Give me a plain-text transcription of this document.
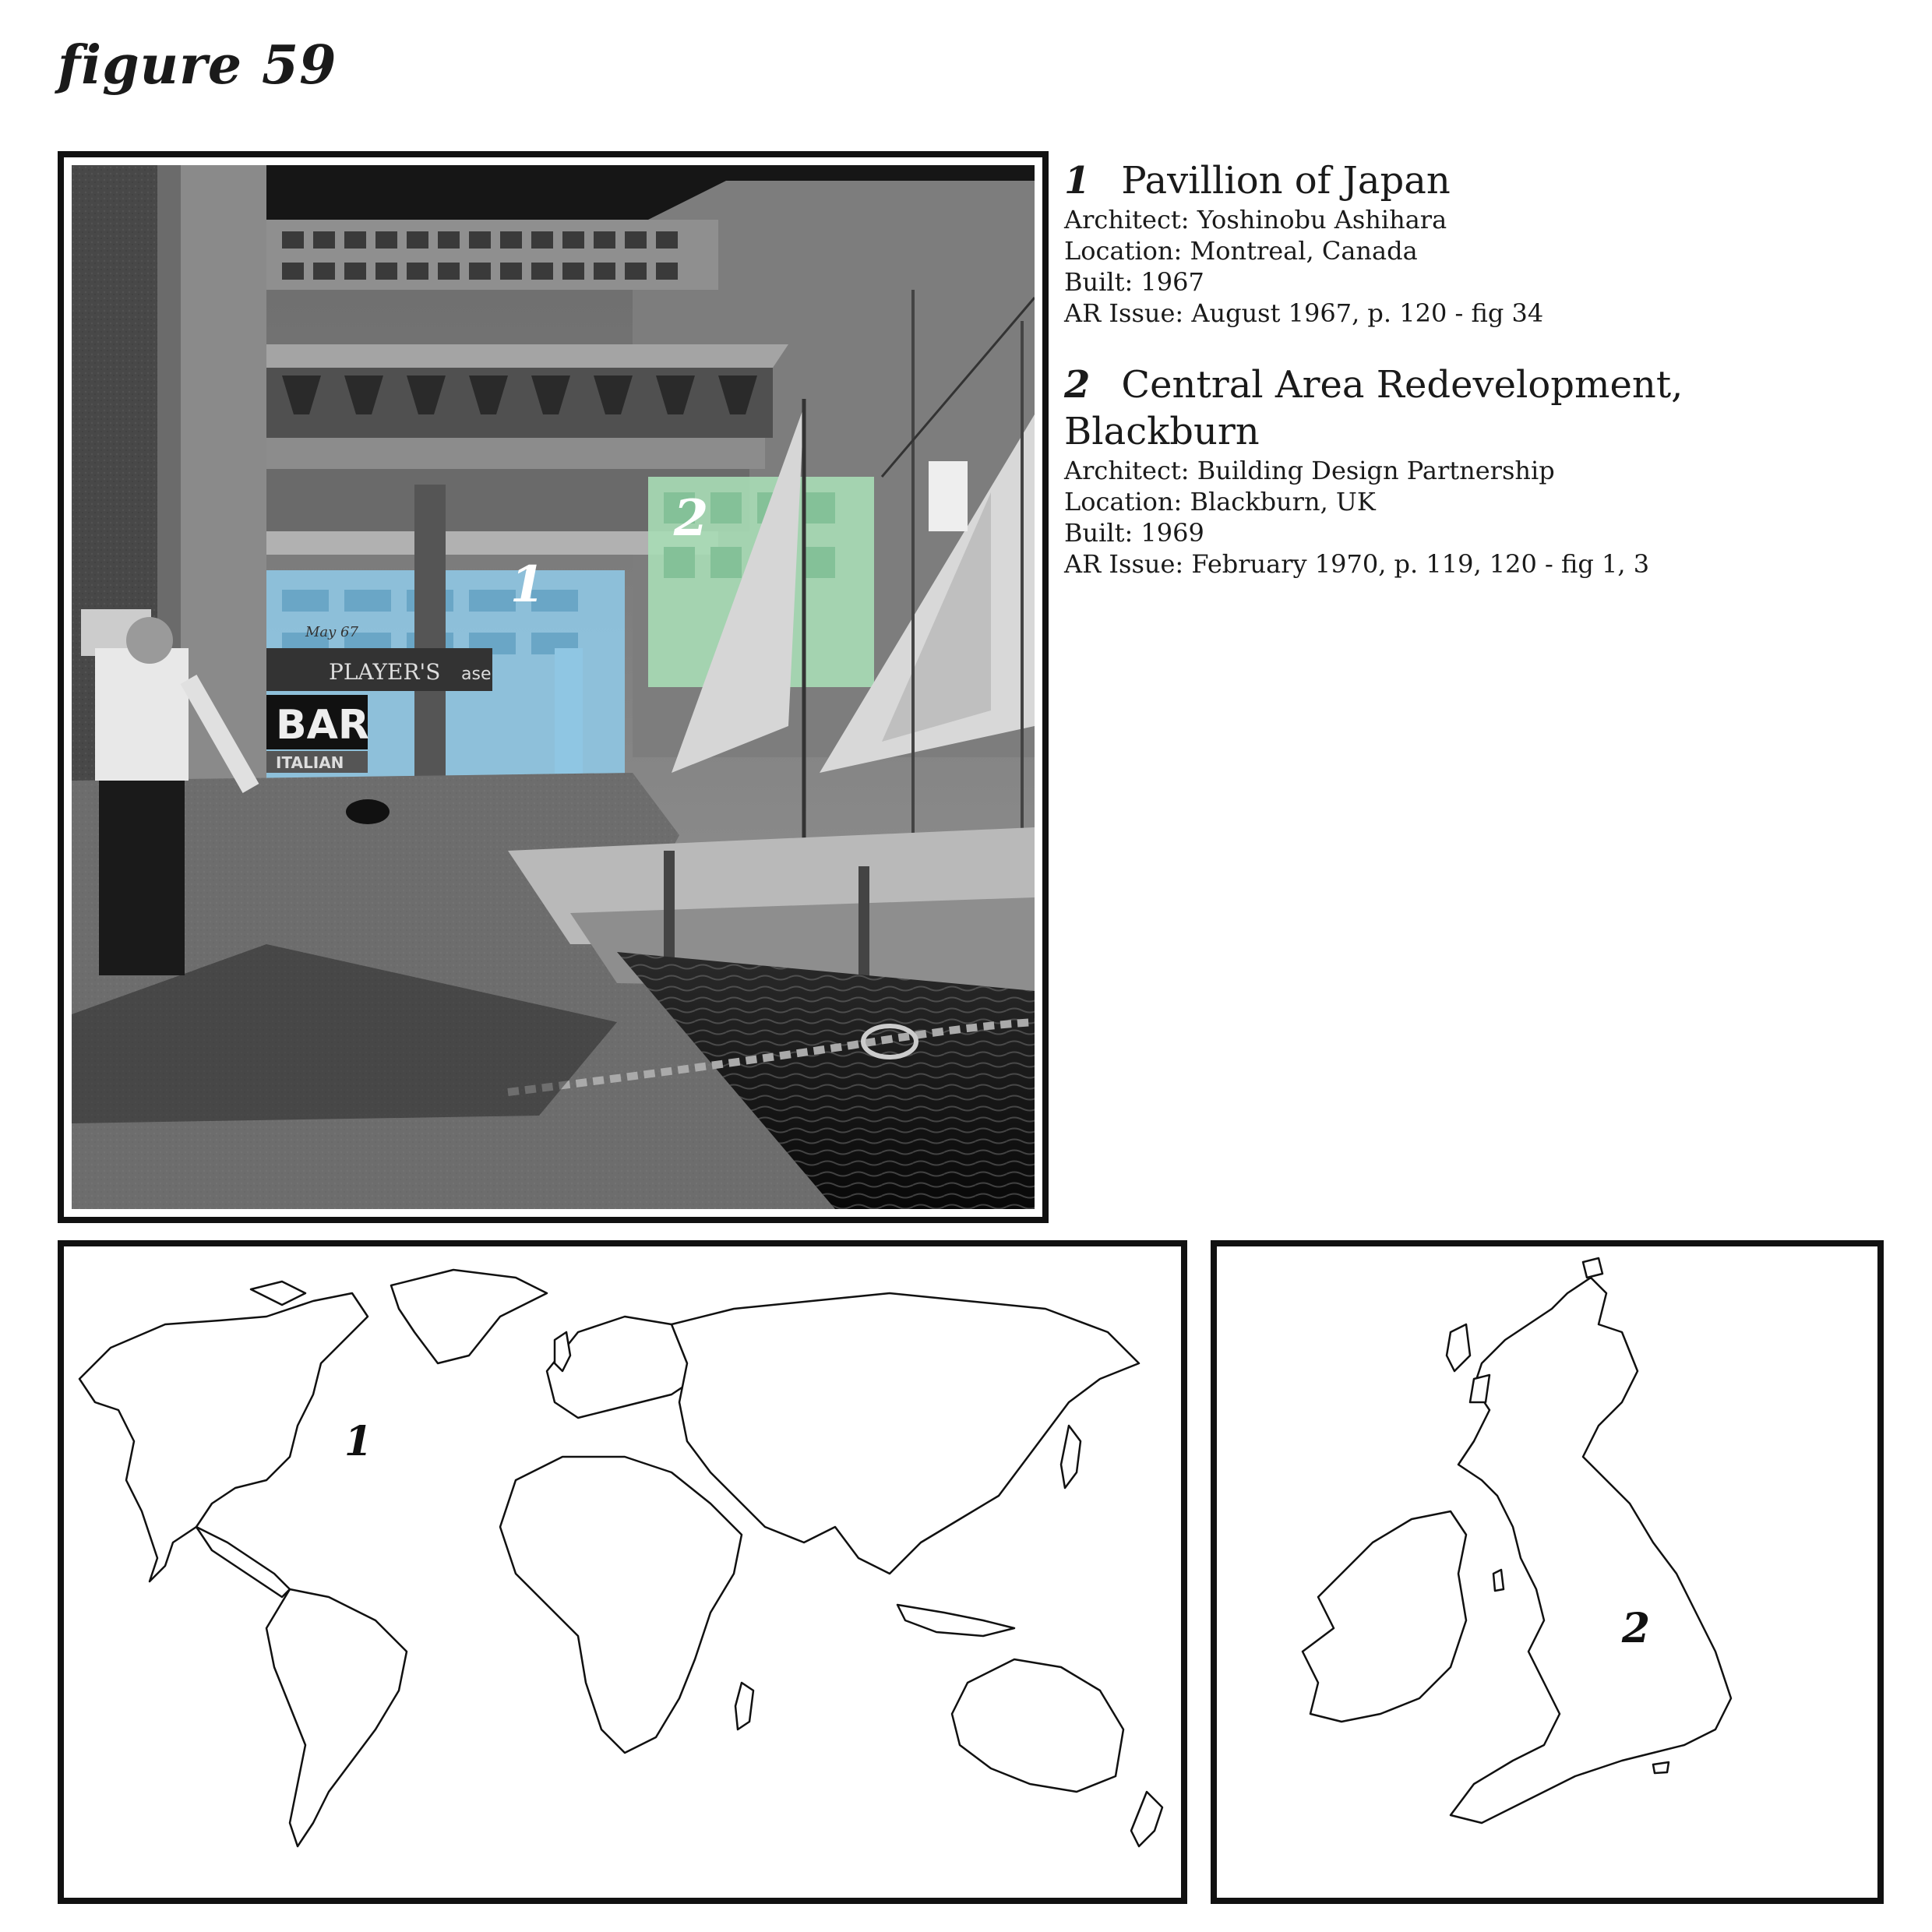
figure 59
PLAYER'S ase
May 67
BAR
ITALIAN
1
2

1 Pavillion of Japan

Architect: Yoshinobu Ashihara

Location: Montreal, Canada

Built: 1967

AR Issue: August 1967, p. 120 - fig 34

2 Central Area Redevelopment,

Blackburn

Architect: Building Design Partnership

Location: Blackburn, UK

Built: 1969

AR Issue: February 1970, p. 119, 120 - fig 1, 3

1
2
